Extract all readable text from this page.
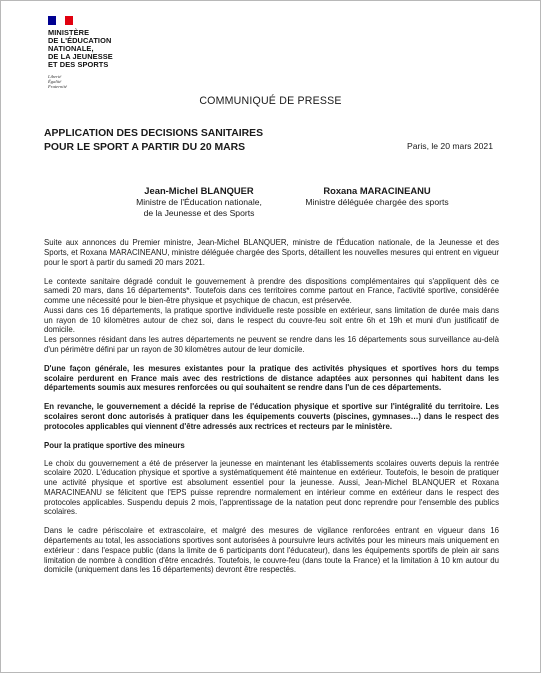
MINISTÈRE
DE L'ÉDUCATION
NATIONALE,
DE LA JEUNESSE
ET DES SPORTS
Liberté
Égalité
Fraternité
COMMUNIQUÉ DE PRESSE
APPLICATION DES DECISIONS SANITAIRES
POUR LE SPORT A PARTIR DU 20 MARS	Paris, le 20 mars 2021
Jean-Michel BLANQUER
Ministre de l'Éducation nationale,
de la Jeunesse et des Sports
Roxana MARACINEANU
Ministre déléguée chargée des sports

Suite aux annonces du Premier ministre, Jean-Michel BLANQUER, ministre de l'Éducation nationale, de la Jeunesse et des Sports, et Roxana MARACINEANU, ministre déléguée chargée des Sports, détaillent les nouvelles mesures qui entrent en vigueur pour le sport à partir du samedi 20 mars 2021.

Le contexte sanitaire dégradé conduit le gouvernement à prendre des dispositions complémentaires qui s'appliquent dès ce samedi 20 mars, dans 16 départements*. Toutefois dans ces territoires comme partout en France, l'activité sportive, considérée comme une nécessité pour le bien-être physique et psychique de chacun, est préservée.
Aussi dans ces 16 départements, la pratique sportive individuelle reste possible en extérieur, sans limitation de durée mais dans un rayon de 10 kilomètres autour de chez soi, dans le respect du couvre-feu soit entre 6h et 19h et muni d'un justificatif de domicile.
Les personnes résidant dans les autres départements ne peuvent se rendre dans les 16 départements sous surveillance au-delà d'un périmètre défini par un rayon de 30 kilomètres autour de leur domicile.

D'une façon générale, les mesures existantes pour la pratique des activités physiques et sportives hors du temps scolaire perdurent en France mais avec des restrictions de distance adaptées aux personnes qui habitent dans les départements soumis aux mesures renforcées ou qui souhaitent se rendre dans l'un de ces départements.

En revanche, le gouvernement a décidé la reprise de l'éducation physique et sportive sur l'intégralité du territoire. Les scolaires seront donc autorisés à pratiquer dans les équipements couverts (piscines, gymnases…) dans le respect des protocoles applicables qui viennent d'être adressés aux rectrices et recteurs par le ministère.

Pour la pratique sportive des mineurs

Le choix du gouvernement a été de préserver la jeunesse en maintenant les établissements scolaires ouverts depuis la rentrée scolaire 2020. L'éducation physique et sportive a systématiquement été maintenue en extérieur. Toutefois, le besoin de pratiquer une activité physique et sportive est absolument essentiel pour la jeunesse. Aussi, Jean-Michel BLANQUER et Roxana MARACINEANU se félicitent que l'EPS puisse reprendre normalement en intérieur comme en extérieur dans le respect des protocoles applicables. Suspendu depuis 2 mois, l'apprentissage de la natation peut donc reprendre pour l'ensemble des publics scolaires.

Dans le cadre périscolaire et extrascolaire, et malgré des mesures de vigilance renforcées entrant en vigueur dans 16 départements au total, les associations sportives sont autorisées à poursuivre leurs activités pour les mineurs mais uniquement en extérieur : dans l'espace public (dans la limite de 6 participants dont l'éducateur), dans les équipements sportifs de plein air sans limitation de nombre à condition d'être encadrés. Toutefois, le couvre-feu (dans toute la France) et la limitation à 10 km autour du domicile (uniquement dans les 16 départements) devront être respectés.
